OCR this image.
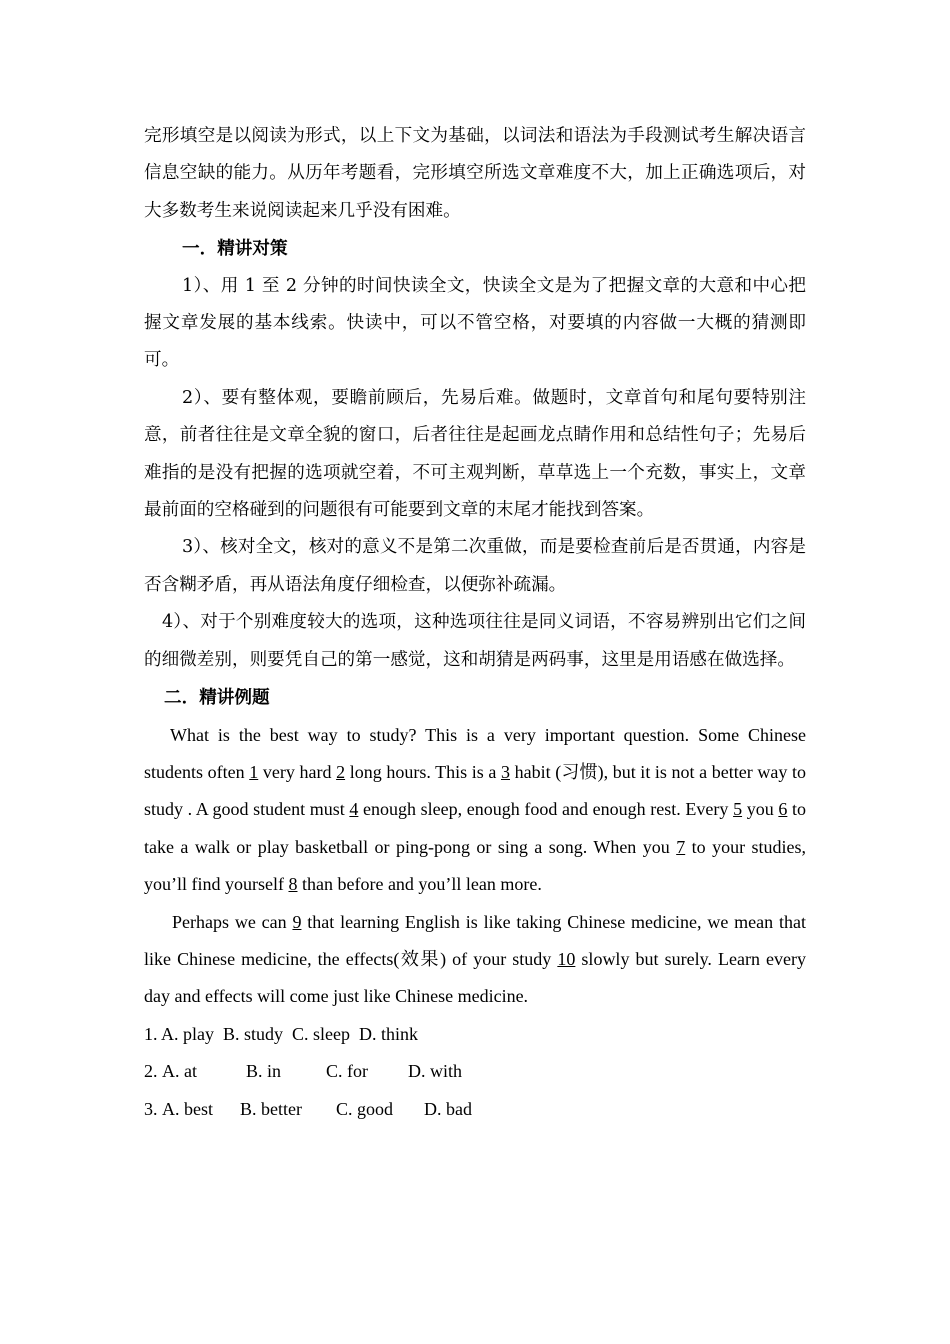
完形填空是以阅读为形式，以上下文为基础，以词法和语法为手段测试考生解决语言信息空缺的能力。从历年考题看，完形填空所选文章难度不大，加上正确选项后，对大多数考生来说阅读起来几乎没有困难。

一．精讲对策

1）、用 1 至 2 分钟的时间快读全文，快读全文是为了把握文章的大意和中心把握文章发展的基本线索。快读中，可以不管空格，对要填的内容做一大概的猜测即可。

2）、要有整体观，要瞻前顾后，先易后难。做题时，文章首句和尾句要特别注意，前者往往是文章全貌的窗口，后者往往是起画龙点睛作用和总结性句子；先易后难指的是没有把握的选项就空着，不可主观判断，草草选上一个充数，事实上，文章最前面的空格碰到的问题很有可能要到文章的末尾才能找到答案。

3）、核对全文，核对的意义不是第二次重做，而是要检查前后是否贯通，内容是否含糊矛盾，再从语法角度仔细检查，以便弥补疏漏。

4）、对于个别难度较大的选项，这种选项往往是同义词语，不容易辨别出它们之间的细微差别，则要凭自己的第一感觉，这和胡猜是两码事，这里是用语感在做选择。

二．精讲例题

What is the best way to study? This is a very important question. Some Chinese students often 1 very hard 2 long hours. This is a 3 habit (习惯), but it is not a better way to study . A good student must 4 enough sleep, enough food and enough rest. Every 5 you 6 to take a walk or play basketball or ping-pong or sing a song. When you 7 to your studies, you’ll find yourself 8 than before and you’ll lean more.

Perhaps we can 9 that learning English is like taking Chinese medicine, we mean that like Chinese medicine, the effects(效果) of your study 10 slowly but surely. Learn every day and effects will come just like Chinese medicine.

1. A. play B. study C. sleep D. think

2. A. at	B. in C. for D. with

3. A. best B. better C. good D. bad
